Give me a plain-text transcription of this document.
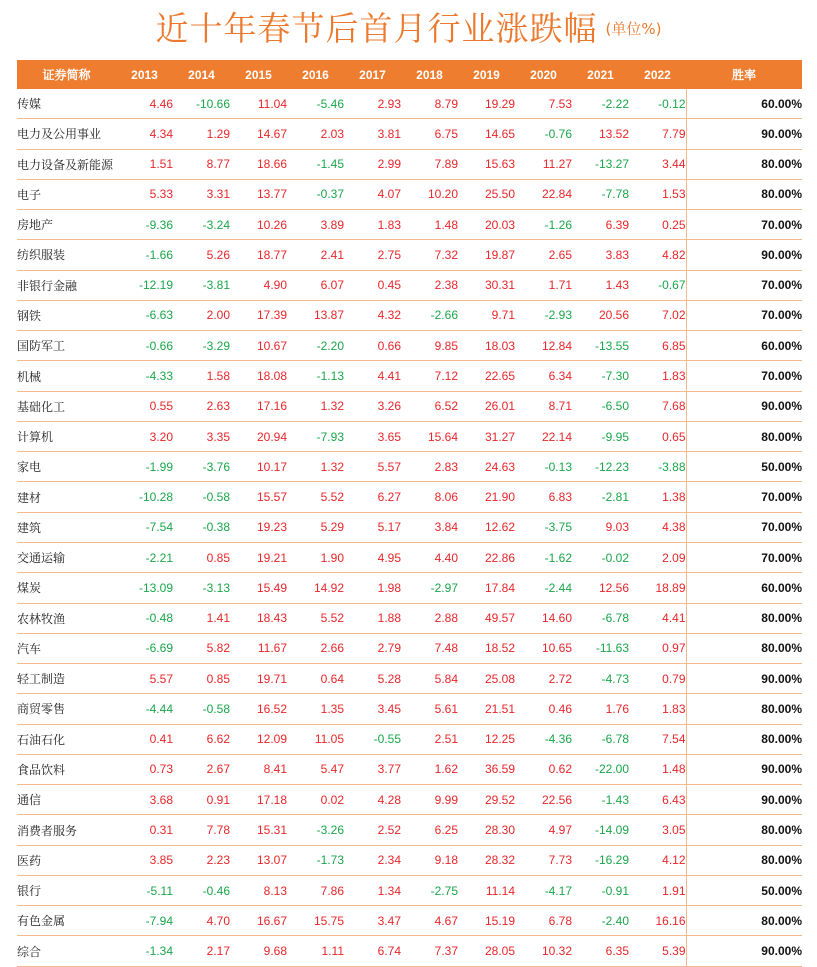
近十年春节后首月行业涨跌幅 (单位%)
证券简称	2013	2014	2015	2016	2017	2018	2019	2020	2021	2022	胜率
传媒	4.46	-10.66	11.04	-5.46	2.93	8.79	19.29	7.53	-2.22	-0.12	60.00%
电力及公用事业	4.34	1.29	14.67	2.03	3.81	6.75	14.65	-0.76	13.52	7.79	90.00%
电力设备及新能源	1.51	8.77	18.66	-1.45	2.99	7.89	15.63	11.27	-13.27	3.44	80.00%
电子	5.33	3.31	13.77	-0.37	4.07	10.20	25.50	22.84	-7.78	1.53	80.00%
房地产	-9.36	-3.24	10.26	3.89	1.83	1.48	20.03	-1.26	6.39	0.25	70.00%
纺织服装	-1.66	5.26	18.77	2.41	2.75	7.32	19.87	2.65	3.83	4.82	90.00%
非银行金融	-12.19	-3.81	4.90	6.07	0.45	2.38	30.31	1.71	1.43	-0.67	70.00%
钢铁	-6.63	2.00	17.39	13.87	4.32	-2.66	9.71	-2.93	20.56	7.02	70.00%
国防军工	-0.66	-3.29	10.67	-2.20	0.66	9.85	18.03	12.84	-13.55	6.85	60.00%
机械	-4.33	1.58	18.08	-1.13	4.41	7.12	22.65	6.34	-7.30	1.83	70.00%
基础化工	0.55	2.63	17.16	1.32	3.26	6.52	26.01	8.71	-6.50	7.68	90.00%
计算机	3.20	3.35	20.94	-7.93	3.65	15.64	31.27	22.14	-9.95	0.65	80.00%
家电	-1.99	-3.76	10.17	1.32	5.57	2.83	24.63	-0.13	-12.23	-3.88	50.00%
建材	-10.28	-0.58	15.57	5.52	6.27	8.06	21.90	6.83	-2.81	1.38	70.00%
建筑	-7.54	-0.38	19.23	5.29	5.17	3.84	12.62	-3.75	9.03	4.38	70.00%
交通运输	-2.21	0.85	19.21	1.90	4.95	4.40	22.86	-1.62	-0.02	2.09	70.00%
煤炭	-13.09	-3.13	15.49	14.92	1.98	-2.97	17.84	-2.44	12.56	18.89	60.00%
农林牧渔	-0.48	1.41	18.43	5.52	1.88	2.88	49.57	14.60	-6.78	4.41	80.00%
汽车	-6.69	5.82	11.67	2.66	2.79	7.48	18.52	10.65	-11.63	0.97	80.00%
轻工制造	5.57	0.85	19.71	0.64	5.28	5.84	25.08	2.72	-4.73	0.79	90.00%
商贸零售	-4.44	-0.58	16.52	1.35	3.45	5.61	21.51	0.46	1.76	1.83	80.00%
石油石化	0.41	6.62	12.09	11.05	-0.55	2.51	12.25	-4.36	-6.78	7.54	80.00%
食品饮料	0.73	2.67	8.41	5.47	3.77	1.62	36.59	0.62	-22.00	1.48	90.00%
通信	3.68	0.91	17.18	0.02	4.28	9.99	29.52	22.56	-1.43	6.43	90.00%
消费者服务	0.31	7.78	15.31	-3.26	2.52	6.25	28.30	4.97	-14.09	3.05	80.00%
医药	3.85	2.23	13.07	-1.73	2.34	9.18	28.32	7.73	-16.29	4.12	80.00%
银行	-5.11	-0.46	8.13	7.86	1.34	-2.75	11.14	-4.17	-0.91	1.91	50.00%
有色金属	-7.94	4.70	16.67	15.75	3.47	4.67	15.19	6.78	-2.40	16.16	80.00%
综合	-1.34	2.17	9.68	1.11	6.74	7.37	28.05	10.32	6.35	5.39	90.00%
